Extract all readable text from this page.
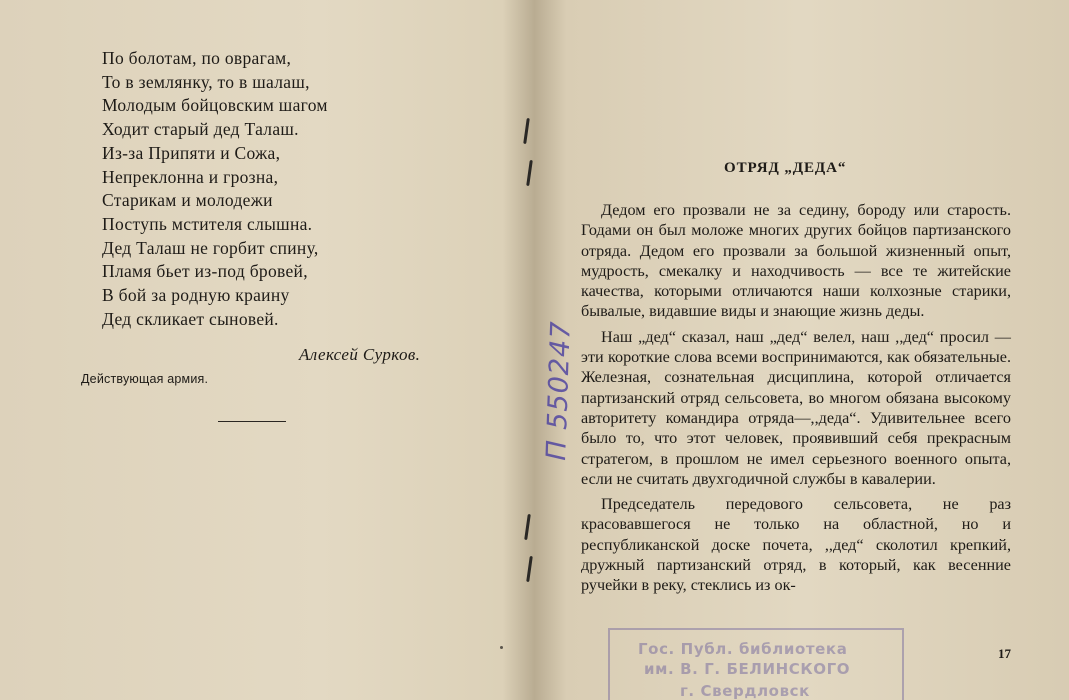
По болотам, по оврагам,
То в землянку, то в шалаш,
Молодым бойцовским шагом
Ходит старый дед Талаш.
Из-за Припяти и Сожа,
Непреклонна и грозна,
Старикам и молодежи
Поступь мстителя слышна.
Дед Талаш не горбит спину,
Пламя бьет из-под бровей,
В бой за рoдную краину
Дед скликает сыновей.
Алексей Сурков.
Действующая армия.
ОТРЯД „ДЕДА“

Дедом его прозвали не за седину, бороду или старость. Годами он был моложе многих других бойцов партизанского отряда. Дедом его прозвали за большой жизненный опыт, мудрость, смекалку и находчивость — все те житейские качества, которыми отличаются наши колхозные старики, бывалые, видавшие виды и знающие жизнь деды.

Наш „дед“ сказал, наш „дед“ велел, наш ,,дед“ просил — эти короткие слова всеми воспринимаются, как обязательные. Железная, сознательная дисциплина, которой отличается партизанский отряд сельсовета, во многом обязана высокому авторитету командира отряда—,,деда“. Удивительнее всего было то, что этот человек, проявивший себя прекрасным стратегом, в прошлом не имел серьезного военного опыта, если не считать двухгодичной службы в кавалерии.

Председатель передового сельсовета, не раз красовавшегося не только на областной, но и республиканской доске почета, ,,дед“ сколотил крепкий, дружный партизанский отряд, в который, как весенние ручейки в реку, стеклись из ок-

17
П 550247
Гос. Публ. библиотека
им. В. Г. БЕЛИНСКОГО
г. Свердловск
